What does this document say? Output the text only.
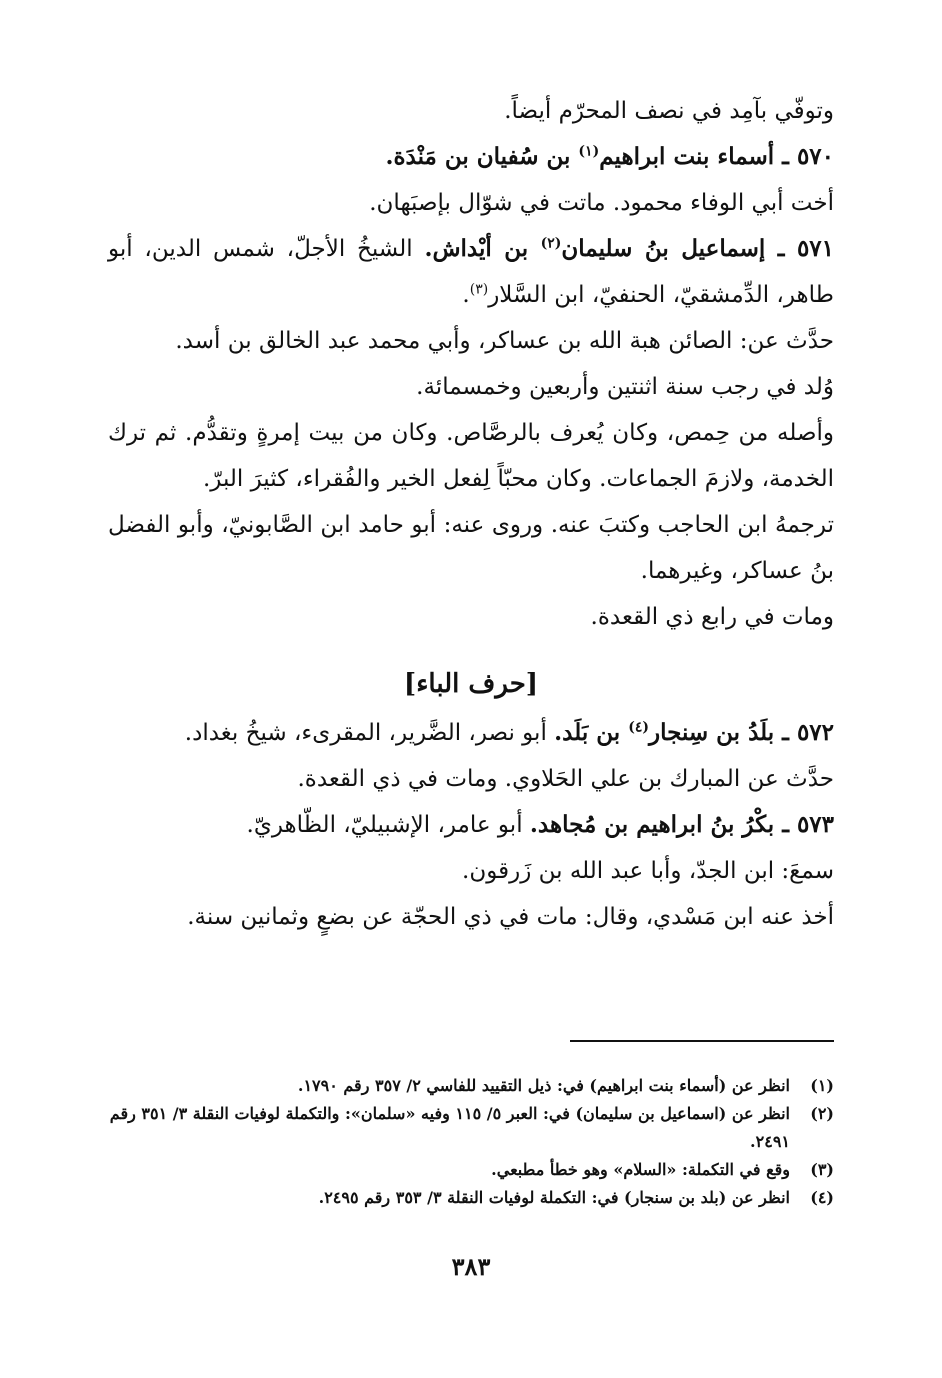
وتوفّي بآمِد في نصف المحرّم أيضاً.

٥٧٠ ـ أسماء بنت ابراهيم$^{(١)}$ بن سُفيان بن مَنْدَة.

أخت أبي الوفاء محمود. ماتت في شوّال بإصبَهان.

٥٧١ ـ إسماعيل بنُ سليمان$^{(٢)}$ بن أيْداش. الشيخُ الأجلّ، شمس الدين، أبو طاهر، الدِّمشقيّ، الحنفيّ، ابن السَّلار$^{(٣)}$.

حدَّث عن: الصائن هبة الله بن عساكر، وأبي محمد عبد الخالق بن أسد.

وُلد في رجب سنة اثنتين وأربعين وخمسمائة.

وأصله من حِمص، وكان يُعرف بالرصَّاص. وكان من بيت إمرةٍ وتقدُّم. ثم ترك الخدمة، ولازمَ الجماعات. وكان محبّاً لِفعل الخير والفُقراء، كثيرَ البرّ.

ترجمهُ ابن الحاجب وكتبَ عنه. وروى عنه: أبو حامد ابن الصَّابونيّ، وأبو الفضل بنُ عساكر، وغيرهما.

ومات في رابع ذي القعدة.

[حرف الباء]

٥٧٢ ـ بلَدُ بن سِنجار$^{(٤)}$ بن بَلَد. أبو نصر، الضَّرير، المقرىء، شيخُ بغداد.

حدَّث عن المبارك بن علي الحَلاوي. ومات في ذي القعدة.

٥٧٣ ـ بكْرُ بنُ ابراهيم بن مُجاهد. أبو عامر، الإشبيليّ، الظّاهريّ.

سمعَ: ابن الجدّ، وأبا عبد الله بن زَرقون.

أخذ عنه ابن مَسْدي، وقال: مات في ذي الحجّة عن بضعٍ وثمانين سنة.

(١)
انظر عن (أسماء بنت ابراهيم) في: ذيل التقييد للفاسي ٢/ ٣٥٧ رقم ١٧٩٠.
(٢)
انظر عن (اسماعيل بن سليمان) في: العبر ٥/ ١١٥ وفيه «سلمان»: والتكملة لوفيات النقلة ٣/ ٣٥١ رقم ٢٤٩١.
(٣)
وقع في التكملة: «السلام» وهو خطأ مطبعي.
(٤)
انظر عن (بلد بن سنجار) في: التكملة لوفيات النقلة ٣/ ٣٥٣ رقم ٢٤٩٥.
٣٨٣
